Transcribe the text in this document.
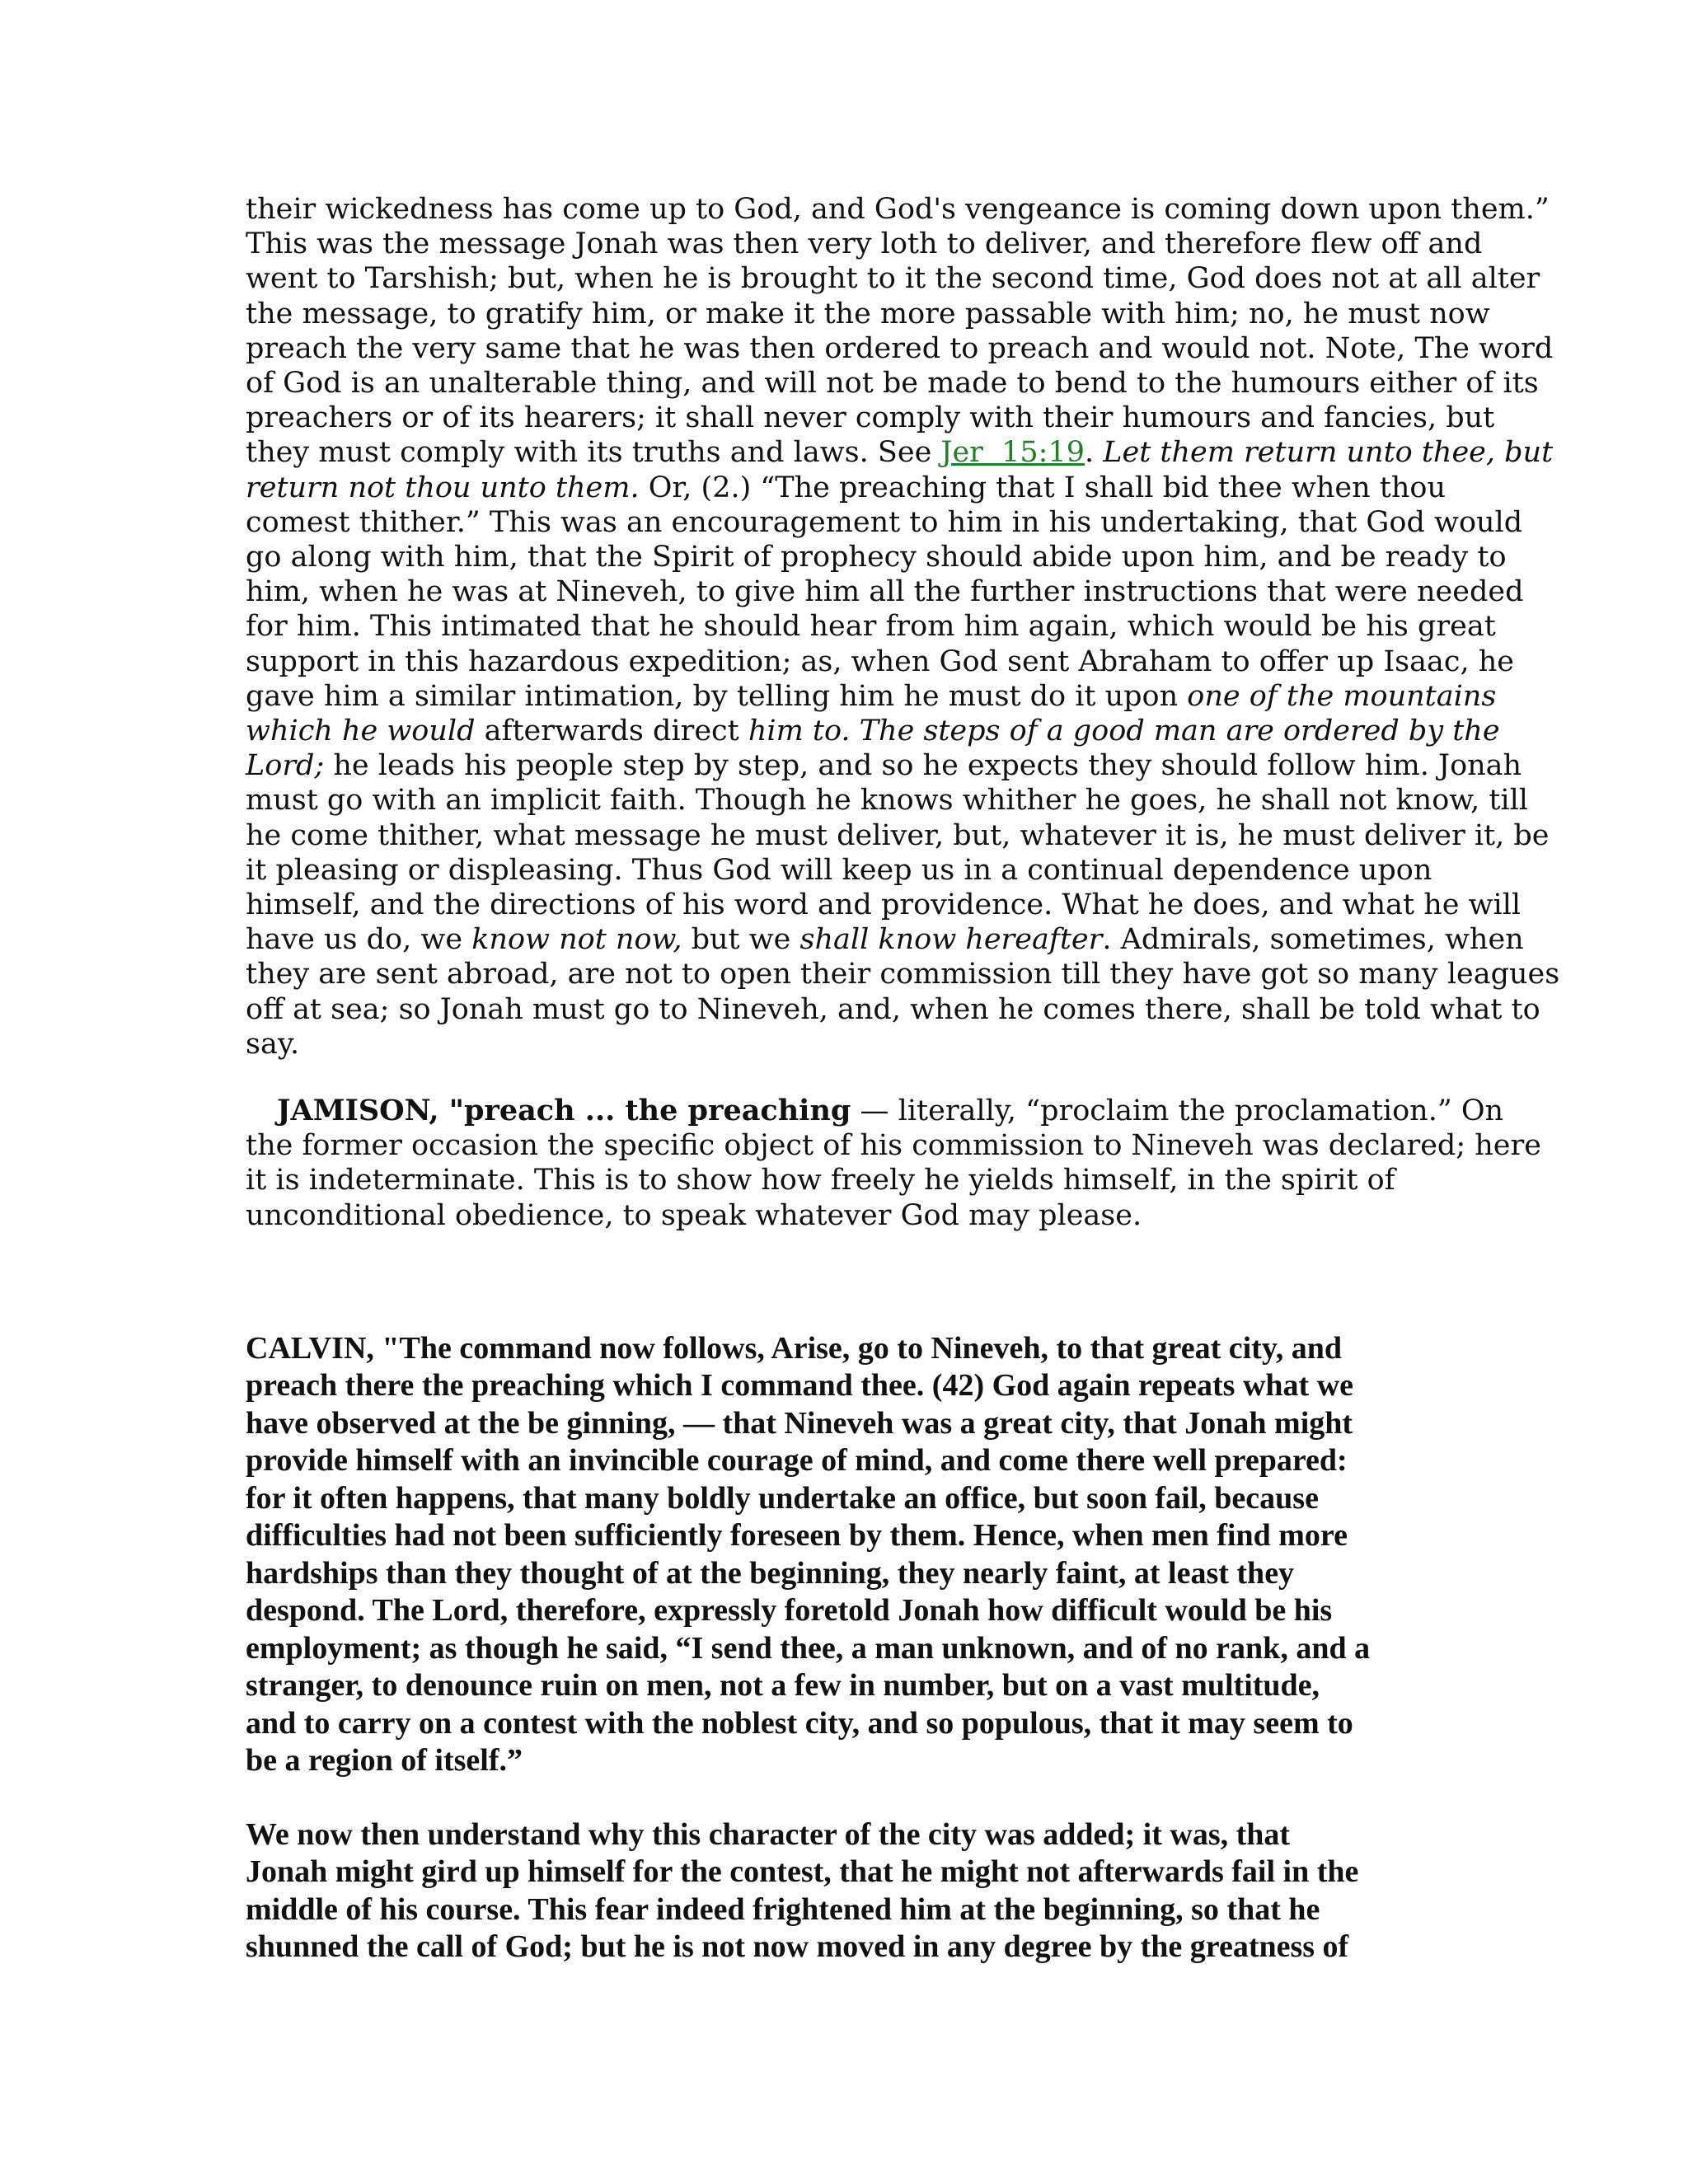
their wickedness has come up to God, and God's vengeance is coming down upon them.”
This was the message Jonah was then very loth to deliver, and therefore flew off and
went to Tarshish; but, when he is brought to it the second time, God does not at all alter
the message, to gratify him, or make it the more passable with him; no, he must now
preach the very same that he was then ordered to preach and would not. Note, The word
of God is an unalterable thing, and will not be made to bend to the humours either of its
preachers or of its hearers; it shall never comply with their humours and fancies, but
they must comply with its truths and laws. See Jer  15:19. Let them return unto thee, but
return not thou unto them. Or, (2.) “The preaching that I shall bid thee when thou
comest thither.” This was an encouragement to him in his undertaking, that God would
go along with him, that the Spirit of prophecy should abide upon him, and be ready to
him, when he was at Nineveh, to give him all the further instructions that were needed
for him. This intimated that he should hear from him again, which would be his great
support in this hazardous expedition; as, when God sent Abraham to offer up Isaac, he
gave him a similar intimation, by telling him he must do it upon one of the mountains
which he would afterwards direct him to. The steps of a good man are ordered by the
Lord; he leads his people step by step, and so he expects they should follow him. Jonah
must go with an implicit faith. Though he knows whither he goes, he shall not know, till
he come thither, what message he must deliver, but, whatever it is, he must deliver it, be
it pleasing or displeasing. Thus God will keep us in a continual dependence upon
himself, and the directions of his word and providence. What he does, and what he will
have us do, we know not now, but we shall know hereafter. Admirals, sometimes, when
they are sent abroad, are not to open their commission till they have got so many leagues
off at sea; so Jonah must go to Nineveh, and, when he comes there, shall be told what to
say.
JAMISON, "preach ... the preaching — literally, “proclaim the proclamation.” On
the former occasion the specific object of his commission to Nineveh was declared; here
it is indeterminate. This is to show how freely he yields himself, in the spirit of
unconditional obedience, to speak whatever God may please.
CALVIN, "The command now follows, Arise, go to Nineveh, to that great city, and
preach there the preaching which I command thee. (42) God again repeats what we
have observed at the be ginning, — that Nineveh was a great city, that Jonah might
provide himself with an invincible courage of mind, and come there well prepared:
for it often happens, that many boldly undertake an office, but soon fail, because
difficulties had not been sufficiently foreseen by them. Hence, when men find more
hardships than they thought of at the beginning, they nearly faint, at least they
despond. The Lord, therefore, expressly foretold Jonah how difficult would be his
employment; as though he said, “I send thee, a man unknown, and of no rank, and a
stranger, to denounce ruin on men, not a few in number, but on a vast multitude,
and to carry on a contest with the noblest city, and so populous, that it may seem to
be a region of itself.”
We now then understand why this character of the city was added; it was, that
Jonah might gird up himself for the contest, that he might not afterwards fail in the
middle of his course. This fear indeed frightened him at the beginning, so that he
shunned the call of God; but he is not now moved in any degree by the greatness of
